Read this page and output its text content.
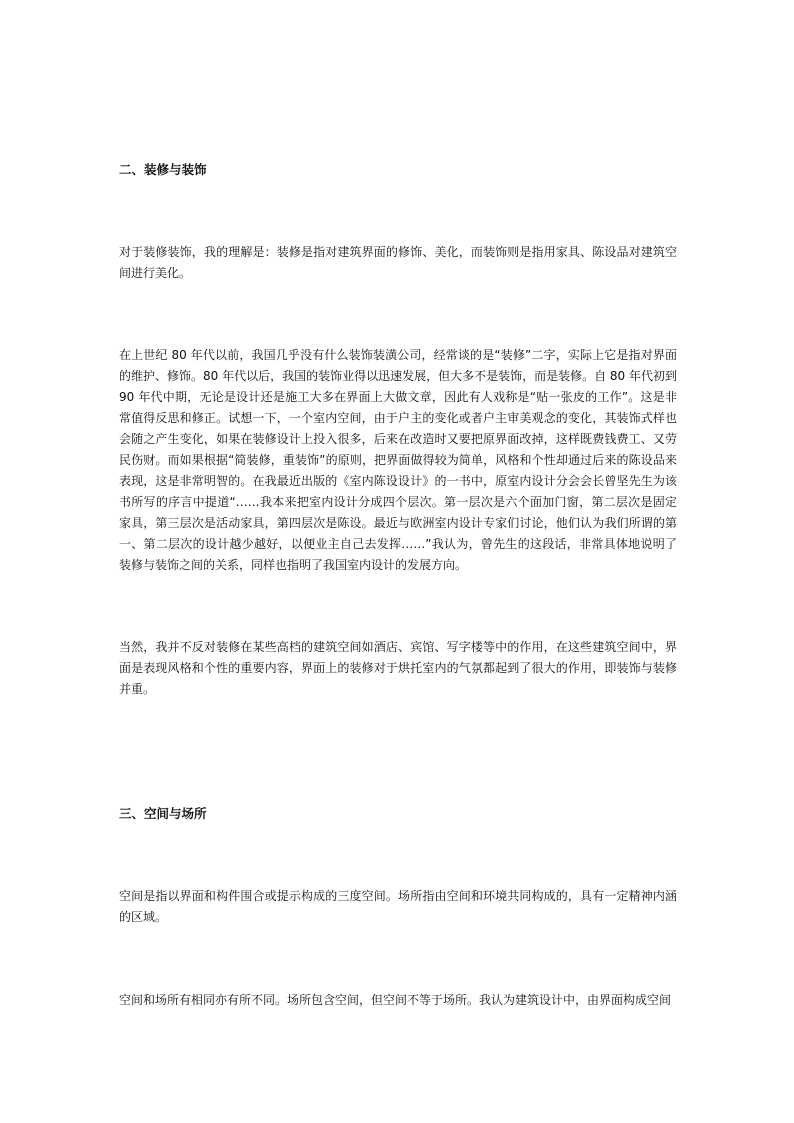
二、装修与装饰

对于装修装饰，我的理解是：装修是指对建筑界面的修饰、美化，而装饰则是指用家具、陈设品对建筑空间进行美化。

在上世纪 80 年代以前，我国几乎没有什么装饰装潢公司，经常谈的是“装修”二字，实际上它是指对界面的维护、修饰。80 年代以后，我国的装饰业得以迅速发展，但大多不是装饰，而是装修。自 80 年代初到 90 年代中期，无论是设计还是施工大多在界面上大做文章，因此有人戏称是“贴一张皮的工作”。这是非常值得反思和修正。试想一下，一个室内空间，由于户主的变化或者户主审美观念的变化，其装饰式样也会随之产生变化，如果在装修设计上投入很多，后来在改造时又要把原界面改掉，这样既费钱费工、又劳民伤财。而如果根据“简装修，重装饰”的原则，把界面做得较为简单，风格和个性却通过后来的陈设品来表现，这是非常明智的。在我最近出版的《室内陈设设计》的一书中，原室内设计分会会长曾坚先生为该书所写的序言中提道“……我本来把室内设计分成四个层次。第一层次是六个面加门窗，第二层次是固定家具，第三层次是活动家具，第四层次是陈设。最近与欧洲室内设计专家们讨论，他们认为我们所谓的第一、第二层次的设计越少越好，以便业主自己去发挥……”我认为，曾先生的这段话，非常具体地说明了装修与装饰之间的关系，同样也指明了我国室内设计的发展方向。

当然，我并不反对装修在某些高档的建筑空间如酒店、宾馆、写字楼等中的作用，在这些建筑空间中，界面是表现风格和个性的重要内容，界面上的装修对于烘托室内的气氛都起到了很大的作用，即装饰与装修并重。

三、空间与场所

空间是指以界面和构件围合或提示构成的三度空间。场所指由空间和环境共同构成的，具有一定精神内涵的区域。

空间和场所有相同亦有所不同。场所包含空间，但空间不等于场所。我认为建筑设计中，由界面构成空间
